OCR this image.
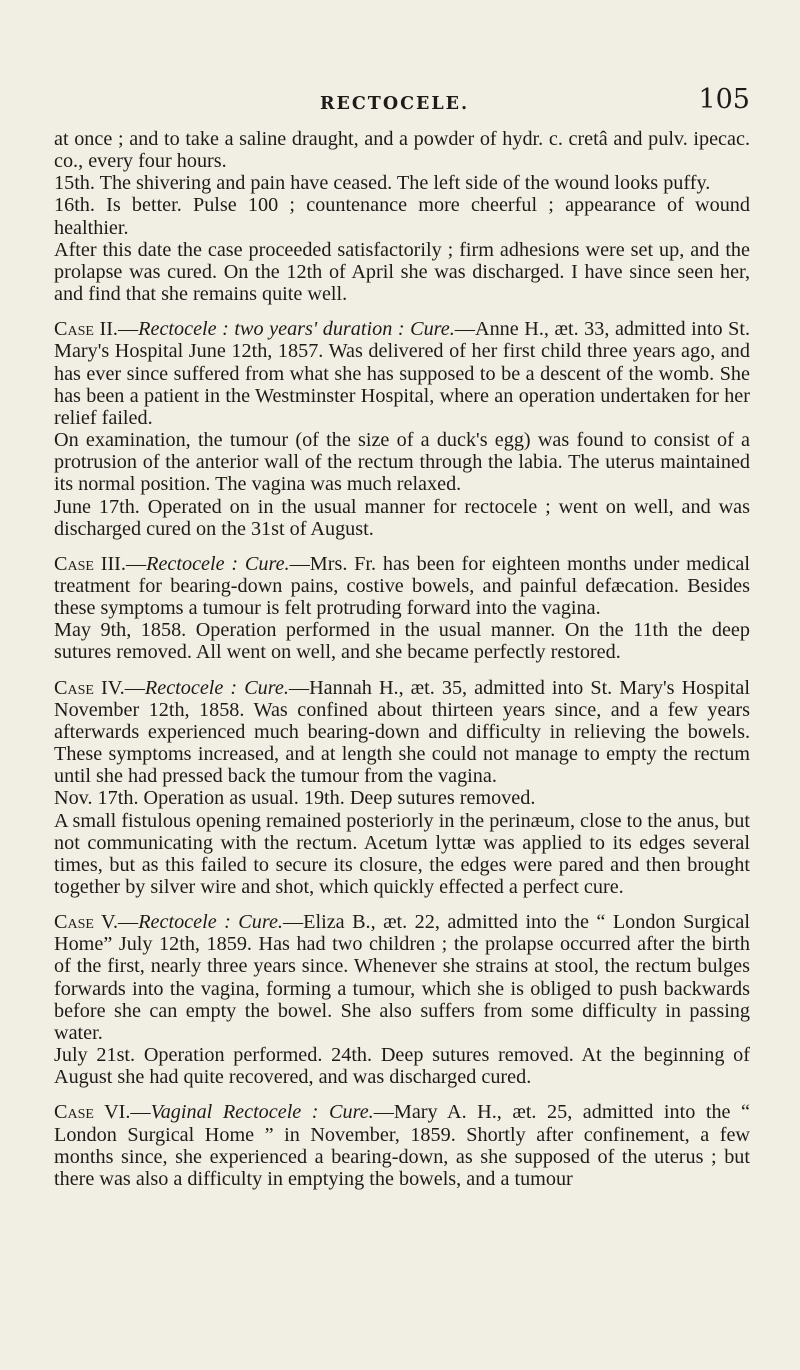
RECTOCELE.	105

at once ; and to take a saline draught, and a powder of hydr. c. cretâ and pulv. ipecac. co., every four hours.

15th. The shivering and pain have ceased. The left side of the wound looks puffy.

16th. Is better. Pulse 100 ; countenance more cheerful ; appearance of wound healthier.

After this date the case proceeded satisfactorily ; firm adhesions were set up, and the prolapse was cured. On the 12th of April she was discharged. I have since seen her, and find that she remains quite well.

Case II.—Rectocele : two years' duration : Cure.—Anne H., æt. 33, admitted into St. Mary's Hospital June 12th, 1857. Was delivered of her first child three years ago, and has ever since suffered from what she has supposed to be a descent of the womb. She has been a patient in the Westminster Hospital, where an operation undertaken for her relief failed.

On examination, the tumour (of the size of a duck's egg) was found to consist of a protrusion of the anterior wall of the rectum through the labia. The uterus maintained its normal position. The vagina was much relaxed.

June 17th. Operated on in the usual manner for rectocele ; went on well, and was discharged cured on the 31st of August.

Case III.—Rectocele : Cure.—Mrs. Fr. has been for eighteen months under medical treatment for bearing-down pains, costive bowels, and painful defæcation. Besides these symptoms a tumour is felt protruding forward into the vagina.

May 9th, 1858. Operation performed in the usual manner. On the 11th the deep sutures removed. All went on well, and she became perfectly restored.

Case IV.—Rectocele : Cure.—Hannah H., æt. 35, admitted into St. Mary's Hospital November 12th, 1858. Was confined about thirteen years since, and a few years afterwards experienced much bearing-down and difficulty in relieving the bowels. These symptoms increased, and at length she could not manage to empty the rectum until she had pressed back the tumour from the vagina.

Nov. 17th. Operation as usual. 19th. Deep sutures removed.

A small fistulous opening remained posteriorly in the perinæum, close to the anus, but not communicating with the rectum. Acetum lyttæ was applied to its edges several times, but as this failed to secure its closure, the edges were pared and then brought together by silver wire and shot, which quickly effected a perfect cure.

Case V.—Rectocele : Cure.—Eliza B., æt. 22, admitted into the “ London Surgical Home” July 12th, 1859. Has had two children ; the prolapse occurred after the birth of the first, nearly three years since. Whenever she strains at stool, the rectum bulges forwards into the vagina, forming a tumour, which she is obliged to push backwards before she can empty the bowel. She also suffers from some difficulty in passing water.

July 21st. Operation performed. 24th. Deep sutures removed. At the beginning of August she had quite recovered, and was discharged cured.

Case VI.—Vaginal Rectocele : Cure.—Mary A. H., æt. 25, admitted into the “ London Surgical Home ” in November, 1859. Shortly after confinement, a few months since, she experienced a bearing-down, as she supposed of the uterus ; but there was also a difficulty in emptying the bowels, and a tumour
